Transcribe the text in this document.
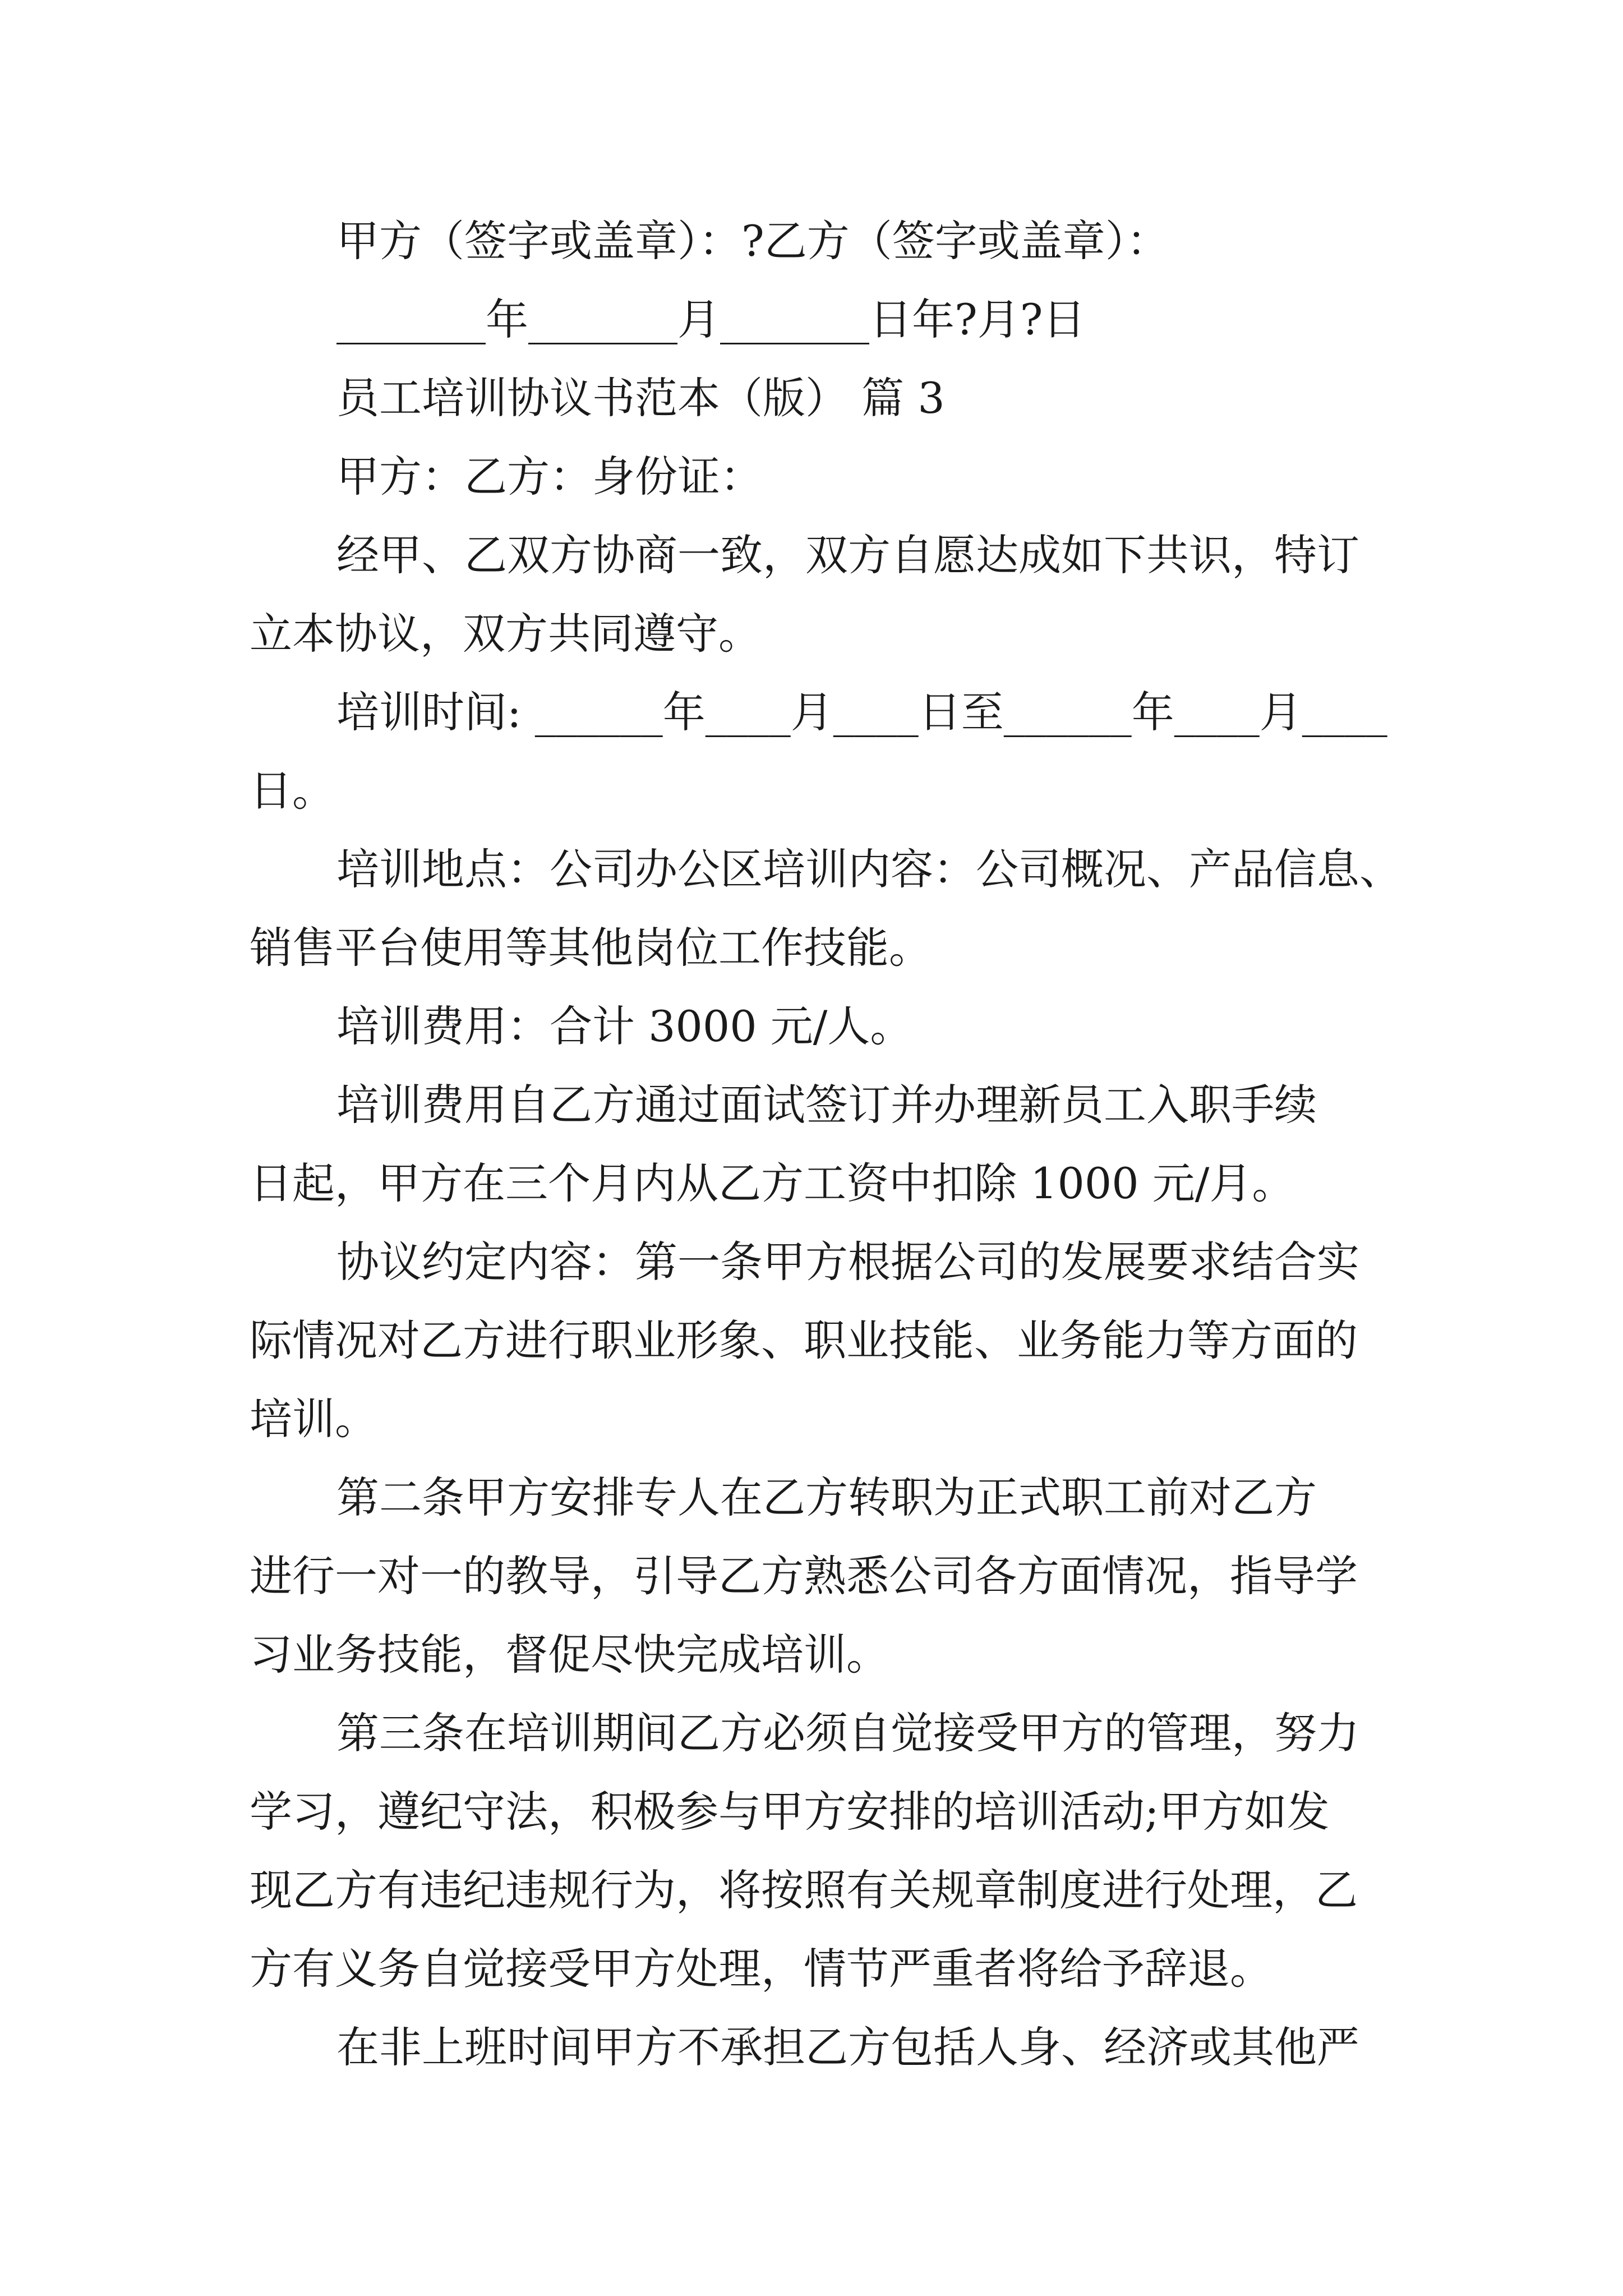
甲方（签字或盖章）：?乙方（签字或盖章）：

_______年_______月_______日年?月?日

员工培训协议书范本（版） 篇 3

甲方：乙方：身份证：

经甲、乙双方协商一致，双方自愿达成如下共识，特订

立本协议，双方共同遵守。

培训时间: ______年____月____日至______年____月____

日。

培训地点：公司办公区培训内容：公司概况、产品信息、

销售平台使用等其他岗位工作技能。

培训费用：合计 3000 元/人。

培训费用自乙方通过面试签订并办理新员工入职手续

日起，甲方在三个月内从乙方工资中扣除 1000 元/月。

协议约定内容：第一条甲方根据公司的发展要求结合实

际情况对乙方进行职业形象、职业技能、业务能力等方面的

培训。

第二条甲方安排专人在乙方转职为正式职工前对乙方

进行一对一的教导，引导乙方熟悉公司各方面情况，指导学

习业务技能，督促尽快完成培训。

第三条在培训期间乙方必须自觉接受甲方的管理，努力

学习，遵纪守法，积极参与甲方安排的培训活动;甲方如发

现乙方有违纪违规行为，将按照有关规章制度进行处理，乙

方有义务自觉接受甲方处理，情节严重者将给予辞退。

在非上班时间甲方不承担乙方包括人身、经济或其他严
